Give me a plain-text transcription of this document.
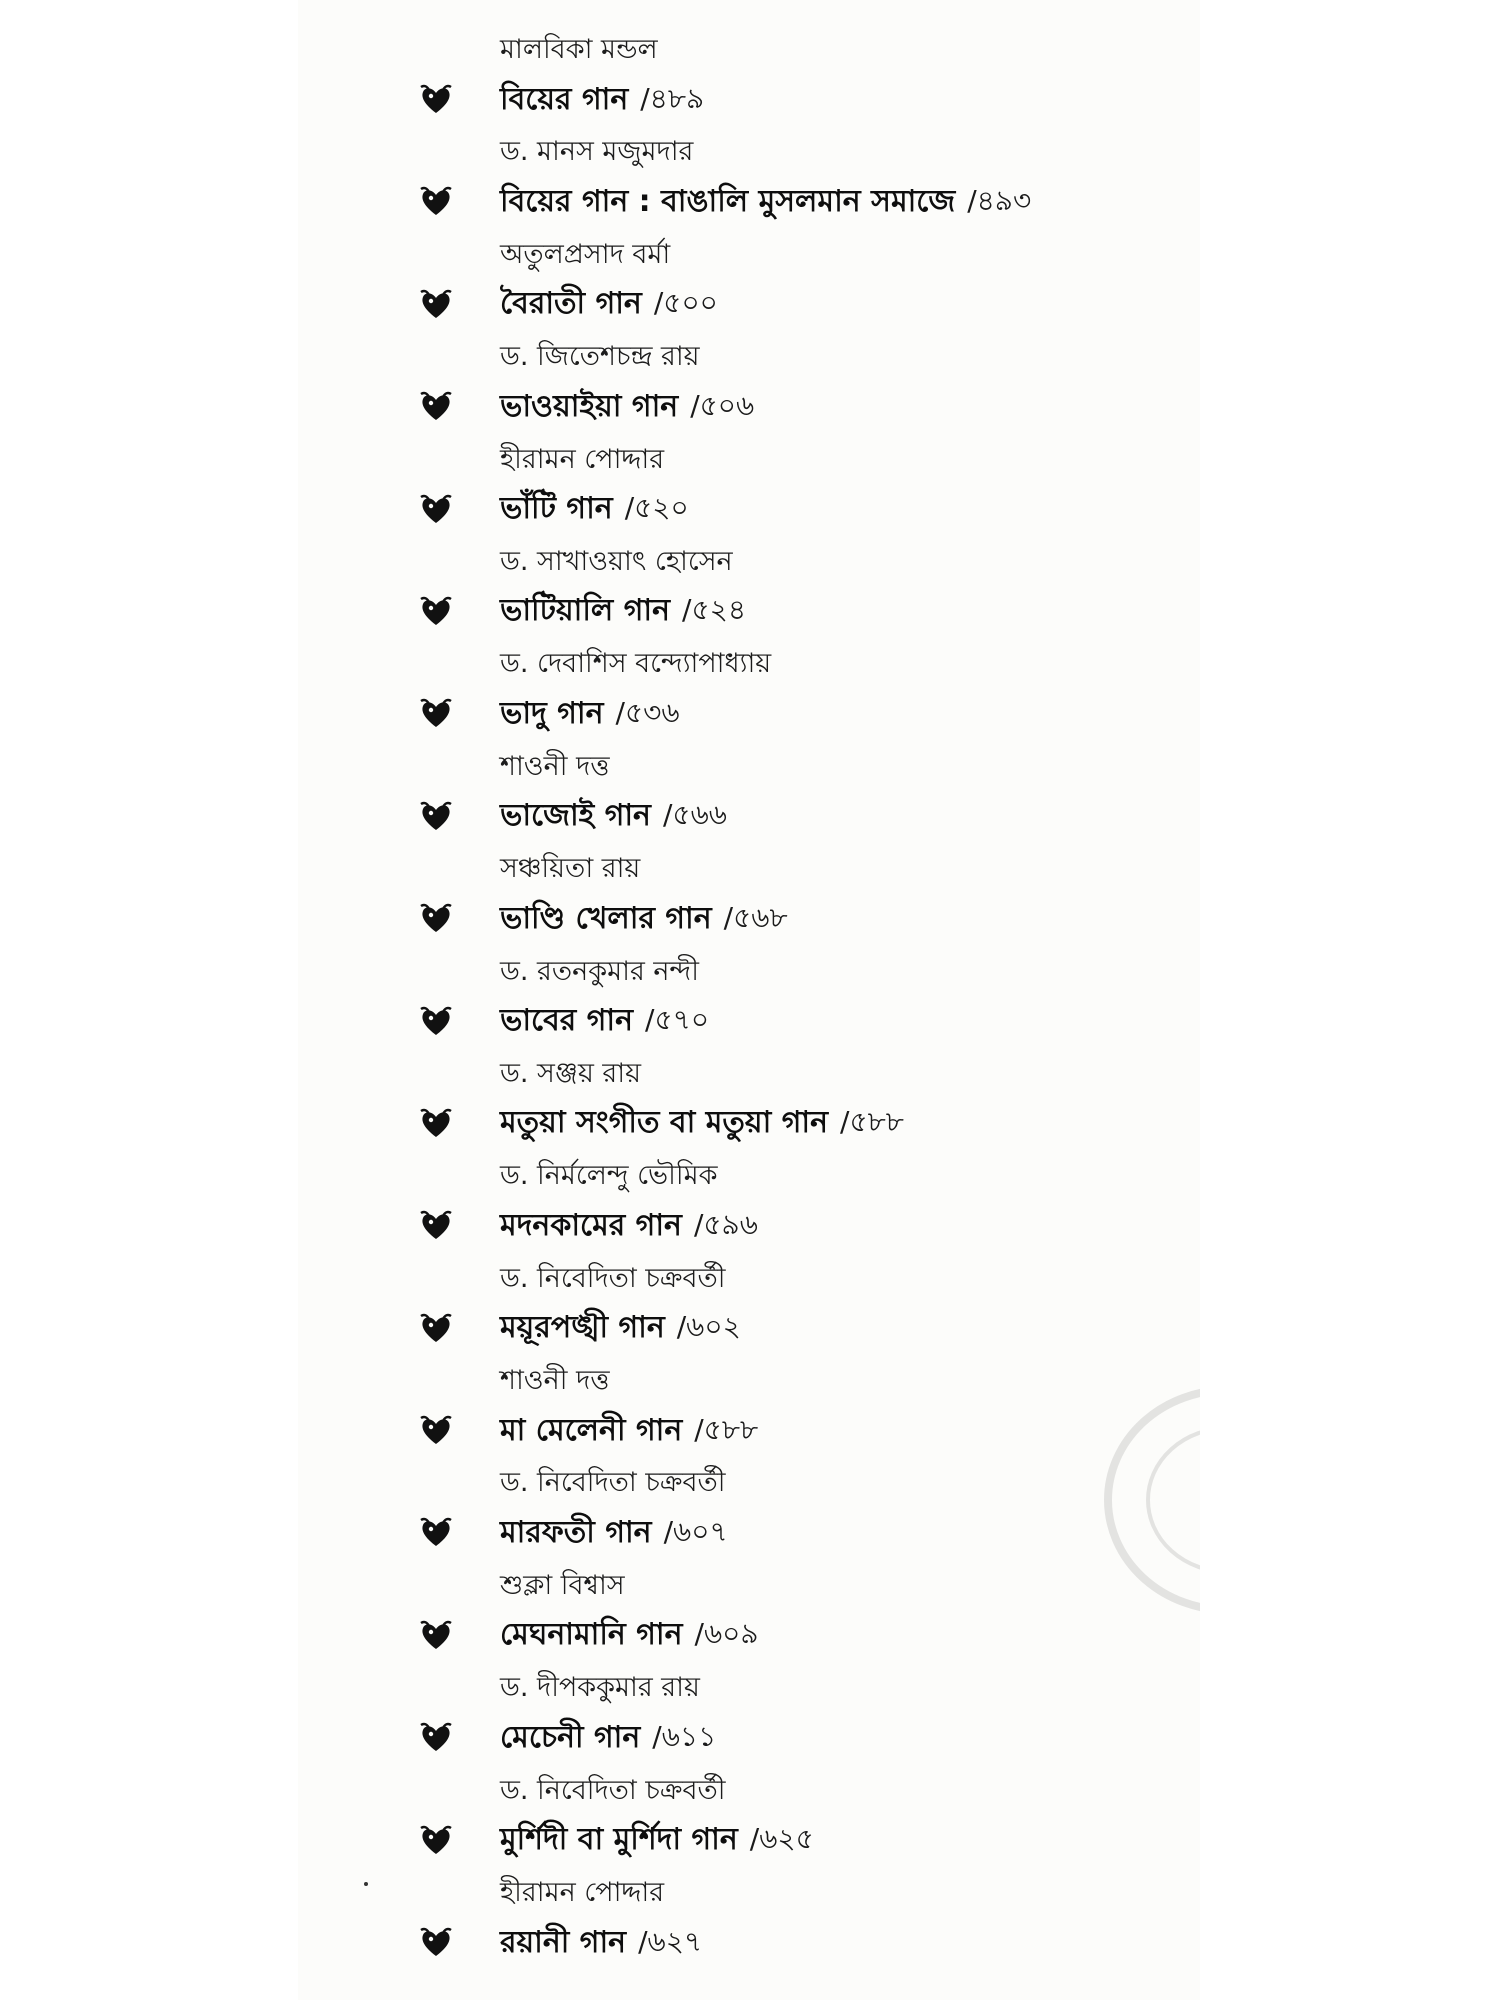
মালবিকা মন্ডল
বিয়ের গান /৪৮৯
ড. মানস মজুমদার
বিয়ের গান : বাঙালি মুসলমান সমাজে /৪৯৩
অতুলপ্রসাদ বর্মা
বৈরাতী গান /৫০০
ড. জিতেশচন্দ্র রায়
ভাওয়াইয়া গান /৫০৬
হীরামন পোদ্দার
ভাঁটি গান /৫২০
ড. সাখাওয়াৎ হোসেন
ভাটিয়ালি গান /৫২৪
ড. দেবাশিস বন্দ্যোপাধ্যায়
ভাদু গান /৫৩৬
শাওনী দত্ত
ভাজোই গান /৫৬৬
সঞ্চয়িতা রায়
ভাণ্ডি খেলার গান /৫৬৮
ড. রতনকুমার নন্দী
ভাবের গান /৫৭০
ড. সঞ্জয় রায়
মতুয়া সংগীত বা মতুয়া গান /৫৮৮
ড. নির্মলেন্দু ভৌমিক
মদনকামের গান /৫৯৬
ড. নিবেদিতা চক্রবর্তী
ময়ূরপঙ্খী গান /৬০২
শাওনী দত্ত
মা মেলেনী গান /৫৮৮
ড. নিবেদিতা চক্রবর্তী
মারফতী গান /৬০৭
শুক্লা বিশ্বাস
মেঘনামানি গান /৬০৯
ড. দীপককুমার রায়
মেচেনী গান /৬১১
ড. নিবেদিতা চক্রবর্তী
মুর্শিদী বা মুর্শিদা গান /৬২৫
হীরামন পোদ্দার
রয়ানী গান /৬২৭
